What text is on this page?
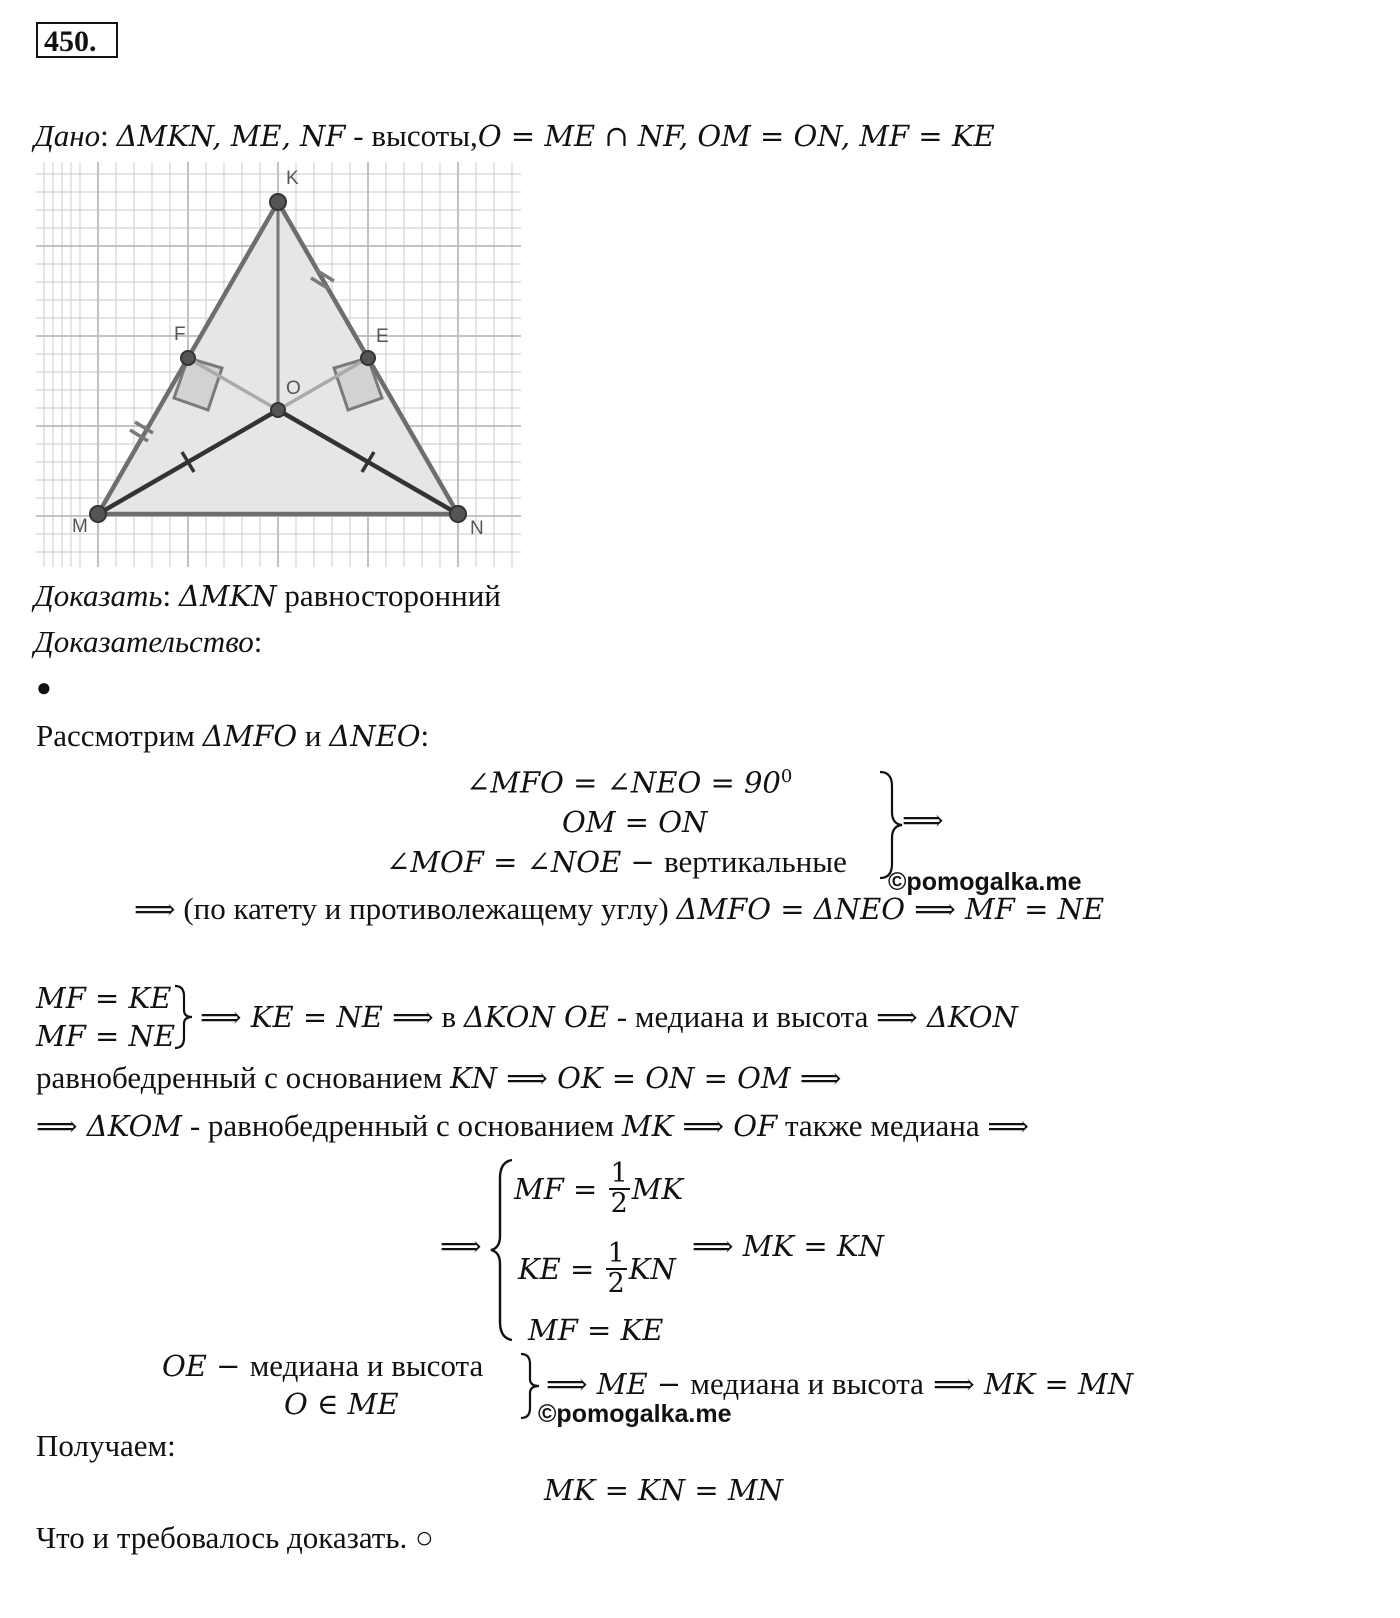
450.
Дано: ΔMKN, ME, NF - высоты,O = ME ∩ NF, OM = ON, MF = KE
K
F	E
O
M	N
Доказать: ΔMKN равносторонний
Доказательство:
●
Рассмотрим ΔMFO и ΔNEO:
∠MFO = ∠NEO = $90^0$
OM = ON
∠MOF = ∠NOE − вертикальные
⟹
©pomogalka.me
⟹ (по катету и противолежащему углу) ΔMFO = ΔNEO ⟹ MF = NE
MF = KE
MF = NE
⟹ KE = NE ⟹ в ΔKON OE - медиана и высота ⟹ ΔKON
равнобедренный с основанием KN ⟹ OK = ON = OM ⟹
⟹ ΔKOM - равнобедренный с основанием MK ⟹ OF также медиана ⟹
⟹
MF = $\frac{1}{2}$ MK
KE = $\frac{1}{2}$ KN
MF = KE
⟹ MK = KN
OE − медиана и высота
O ∈ ME
⟹ ME − медиана и высота ⟹ MK = MN
©pomogalka.me
Получаем:
MK = KN = MN
Что и требовалось доказать. ○
